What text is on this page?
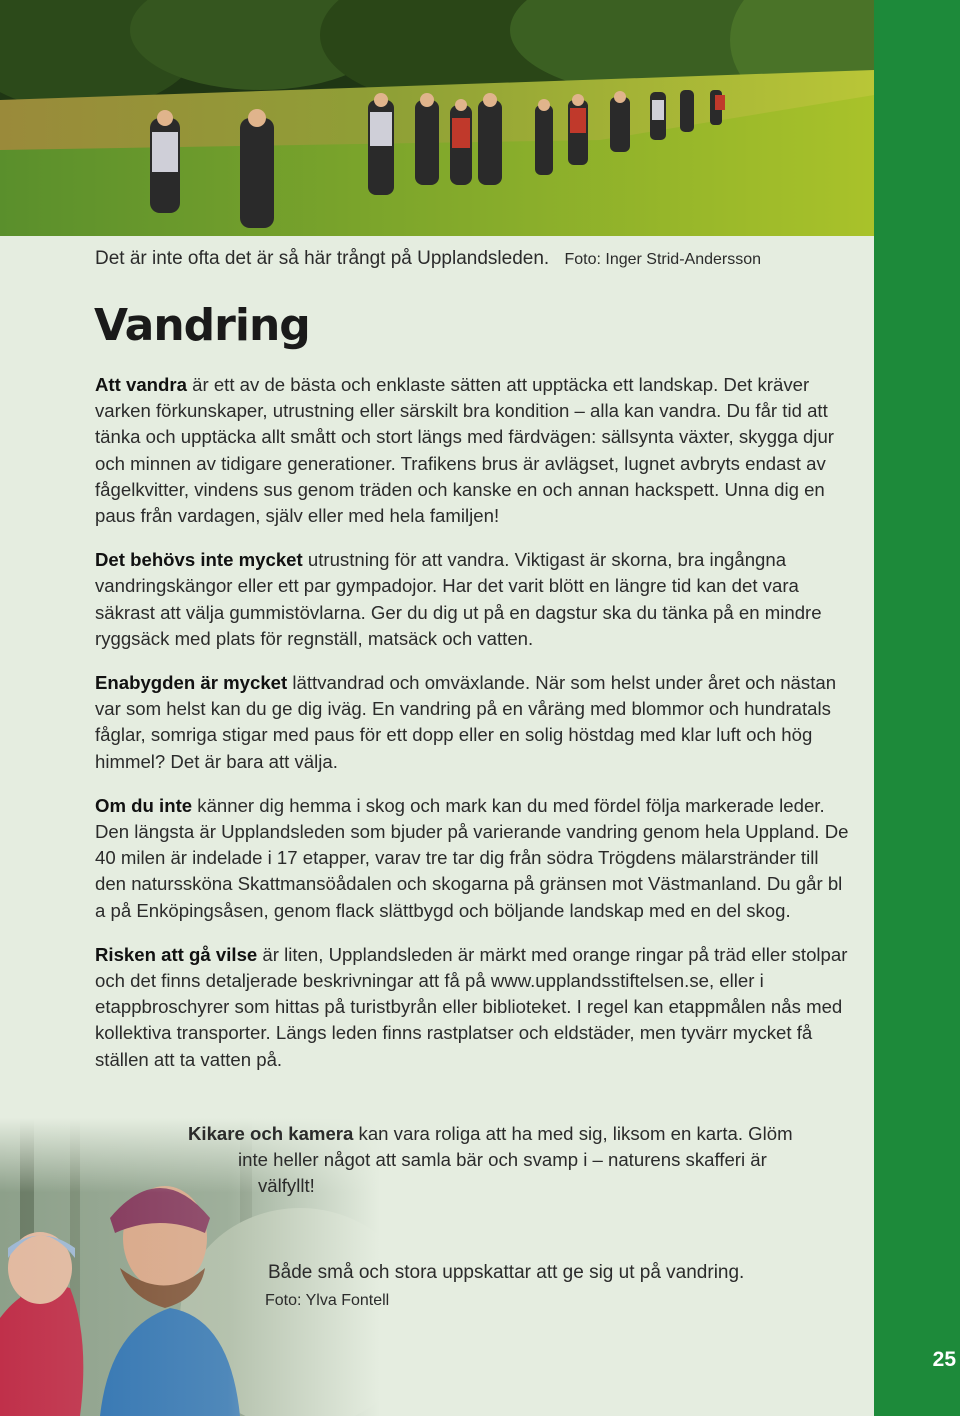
25
Det är inte ofta det är så här trångt på Upplandsleden. Foto: Inger Strid-Andersson
Vandring

Att vandra är ett av de bästa och enklaste sätten att upptäcka ett landskap. Det kräver varken förkunskaper, utrustning eller särskilt bra kondition – alla kan vandra. Du får tid att tänka och upptäcka allt smått och stort längs med färdvägen: sällsynta växter, skygga djur och minnen av tidigare generationer. Trafikens brus är avlägset, lugnet avbryts endast av fågelkvitter, vindens sus genom träden och kanske en och annan hackspett. Unna dig en paus från vardagen, själv eller med hela familjen!

Det behövs inte mycket utrustning för att vandra. Viktigast är skorna, bra ingångna vandringskängor eller ett par gympadojor. Har det varit blött en längre tid kan det vara säkrast att välja gummistövlarna. Ger du dig ut på en dagstur ska du tänka på en mindre ryggsäck med plats för regnställ, matsäck och vatten.

Enabygden är mycket lättvandrad och omväxlande. När som helst under året och nästan var som helst kan du ge dig iväg. En vandring på en våräng med blommor och hundratals fåglar, somriga stigar med paus för ett dopp eller en solig höstdag med klar luft och hög himmel? Det är bara att välja.

Om du inte känner dig hemma i skog och mark kan du med fördel följa markerade leder. Den längsta är Upplandsleden som bjuder på varierande vandring genom hela Uppland. De 40 milen är indelade i 17 etapper, varav tre tar dig från södra Trögdens mälarstränder till den naturssköna Skattmansöådalen och skogarna på gränsen mot Västmanland. Du går bl a på Enköpingsåsen, genom flack slättbygd och böljande landskap med en del skog.

Risken att gå vilse är liten, Upplandsleden är märkt med orange ringar på träd eller stolpar och det finns detaljerade beskrivningar att få på www.upplandsstiftelsen.se, eller i etappbroschyrer som hittas på turistbyrån eller biblioteket. I regel kan etappmålen nås med kollektiva transporter. Längs leden finns rastplatser och eldstäder, men tyvärr mycket få ställen att ta vatten på.

Kikare och kamera kan vara roliga att ha med sig, liksom en karta. Glöm
inte heller något att samla bär och svamp i – naturens skafferi är
välfyllt!
Både små och stora uppskattar att ge sig ut på vandring.
Foto: Ylva Fontell
